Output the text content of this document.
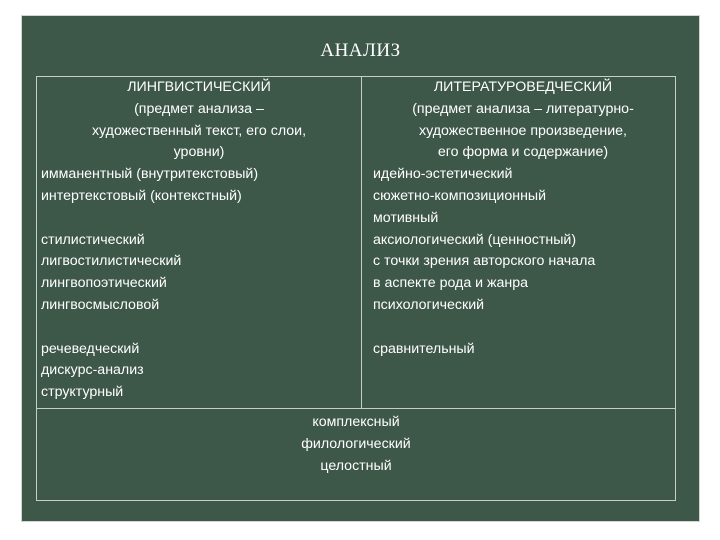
АНАЛИЗ
ЛИНГВИСТИЧЕСКИЙ
(предмет анализа –
художественный текст, его слои,
уровни)
имманентный (внутритекстовый)
интертекстовый (контекстный)
стилистический
лигвостилистический
лингвопоэтический
лингвосмысловой
речеведческий
дискурс-анализ
структурный
ЛИТЕРАТУРОВЕДЧЕСКИЙ
(предмет анализа – литературно-
художественное произведение,
его форма и содержание)
идейно-эстетический
сюжетно-композиционный
мотивный
аксиологический (ценностный)
с точки зрения авторского начала
в аспекте рода и жанра
психологический
сравнительный
комплексный
филологический
целостный
